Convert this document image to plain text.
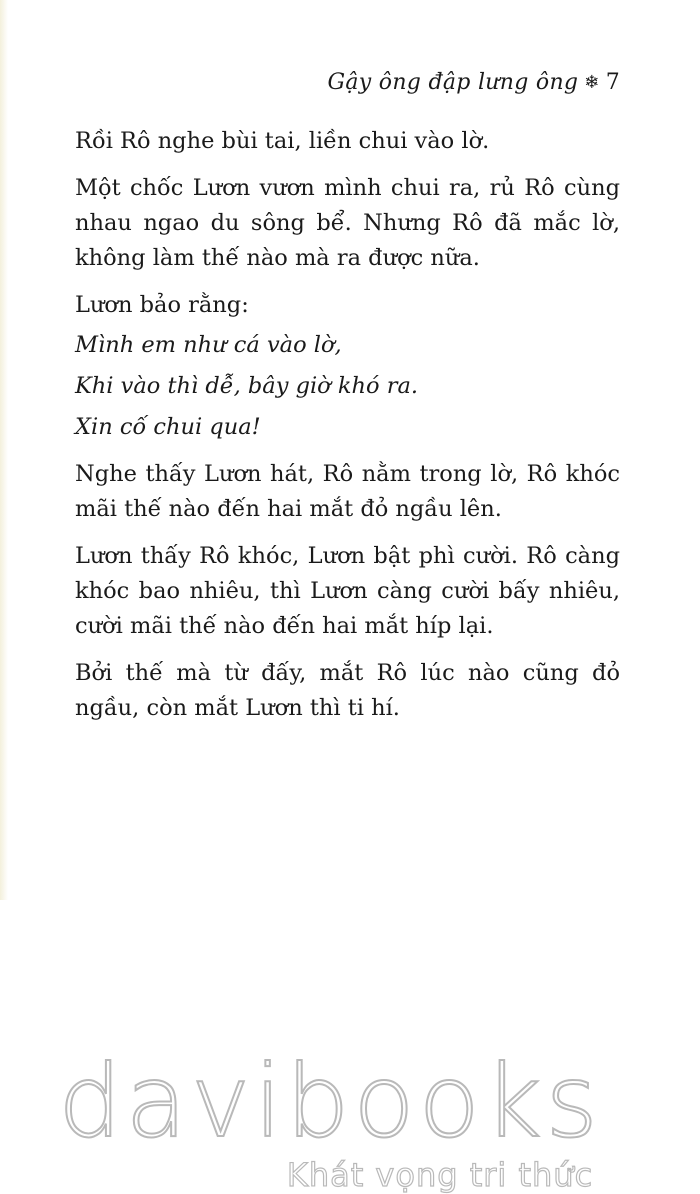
Gậy ông đập lưng ông ❄ 7

Rồi Rô nghe bùi tai, liền chui vào lờ.

Một chốc Lươn vươn mình chui ra, rủ Rô cùng nhau ngao du sông bể. Nhưng Rô đã mắc lờ, không làm thế nào mà ra được nữa.

Lươn bảo rằng:

Mình em như cá vào lờ,

Khi vào thì dễ, bây giờ khó ra.

Xin cố chui qua!

Nghe thấy Lươn hát, Rô nằm trong lờ, Rô khóc mãi thế nào đến hai mắt đỏ ngầu lên.

Lươn thấy Rô khóc, Lươn bật phì cười. Rô càng khóc bao nhiêu, thì Lươn càng cười bấy nhiêu, cười mãi thế nào đến hai mắt híp lại.

Bởi thế mà từ đấy, mắt Rô lúc nào cũng đỏ ngầu, còn mắt Lươn thì ti hí.

davibooks
Khát vọng tri thức
